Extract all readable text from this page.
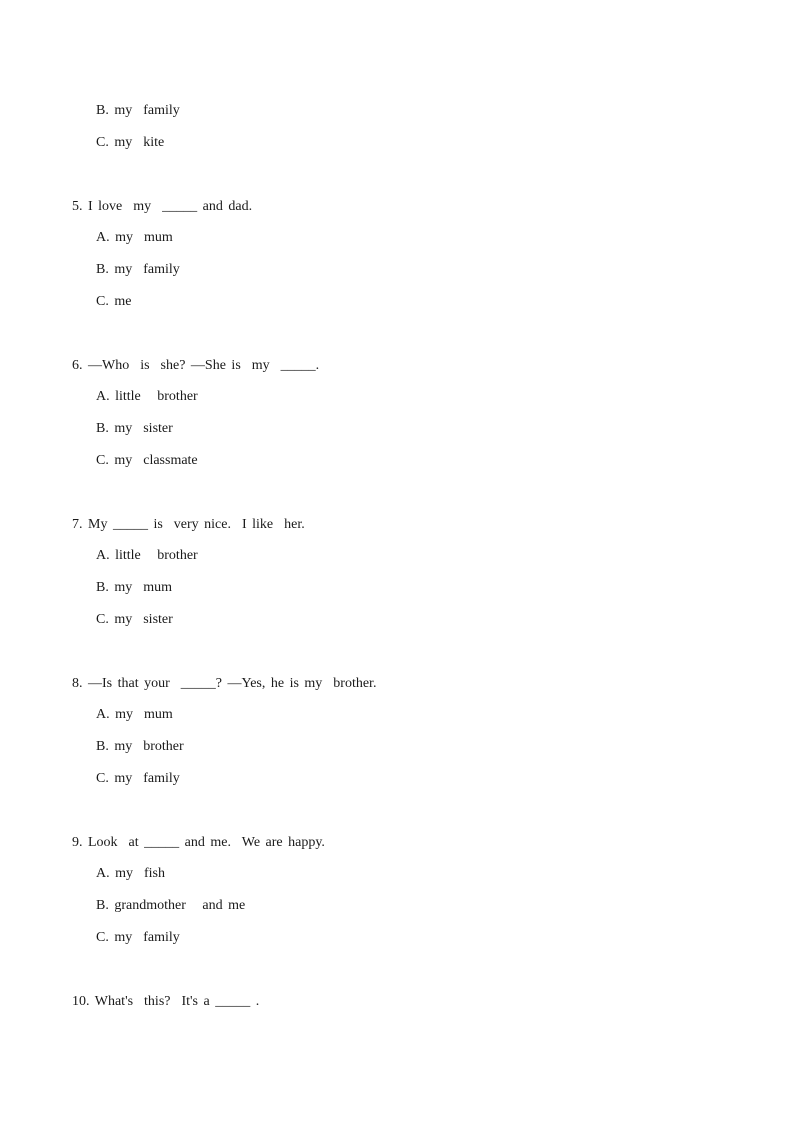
B. my  family
C. my  kite
5. I love  my  _____ and dad.
A. my  mum
B. my  family
C. me
6. —Who  is  she? —She is  my  _____.
A. little   brother
B. my  sister
C. my  classmate
7. My _____ is  very nice.  I like  her.
A. little   brother
B. my  mum
C. my  sister
8. —Is that your  _____? —Yes, he is my  brother.
A. my  mum
B. my  brother
C. my  family
9. Look  at _____ and me.  We are happy.
A. my  fish
B. grandmother   and me
C. my  family
10. What's  this?  It's a _____ .
